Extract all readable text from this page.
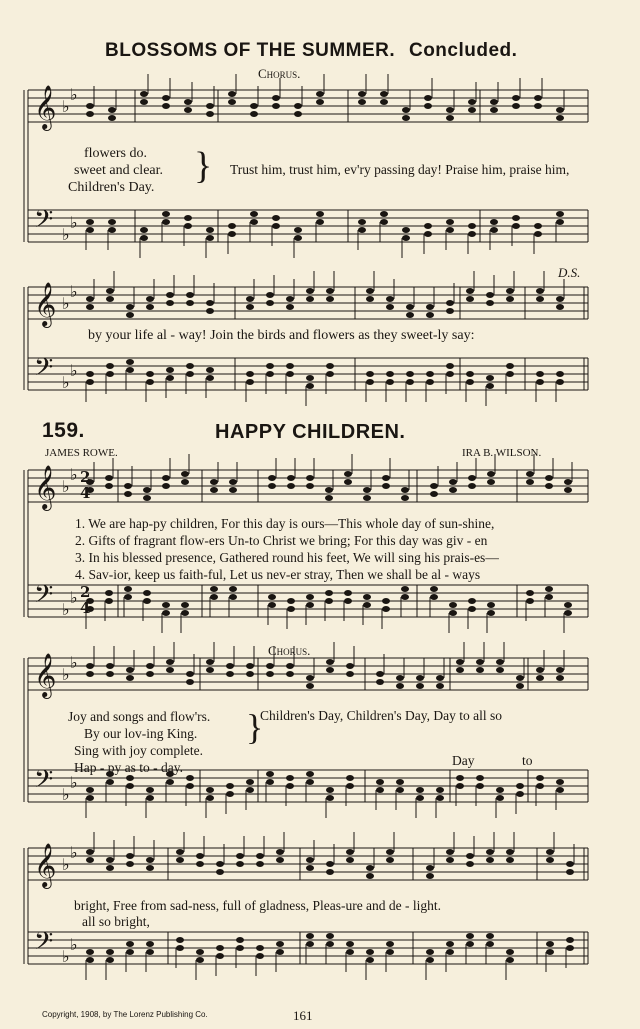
BLOSSOMS OF THE SUMMER. Concluded.
Chorus.
𝄞
𝄢
♭
♭
♭
♭
𝄞
𝄢
♭
♭
♭
♭
𝄞
𝄢
♭
♭
♭
♭
𝄞
𝄢
♭
♭
♭
♭
𝄞
𝄢
♭
♭
♭
♭
2
4
2
4
flowers do.
sweet and clear.
Children's Day.
} Trust him, trust him, ev'ry passing day! Praise him, praise him,
D.S.
by your life al - way! Join the birds and flowers as they sweet-ly say:
159.	HAPPY CHILDREN.
JAMES ROWE.	IRA B. WILSON.
1. We are hap-py children, For this day is ours—This whole day of sun-shine,
2. Gifts of fragrant flow-ers Un-to Christ we bring; For this day was giv - en
3. In his blessed presence, Gathered round his feet, We will sing his prais-es—
4. Sav-ior, keep us faith-ful, Let us nev-er stray, Then we shall be al - ways
Chorus.
Joy and songs and flow'rs.
By our lov-ing King.
Sing with joy complete.
Hap - py as to - day.
}
Children's Day, Children's Day, Day to all so
Day	to
bright, Free from sad-ness, full of gladness, Pleas-ure and de - light.
all so bright,
Copyright, 1908, by The Lorenz Publishing Co.	161
